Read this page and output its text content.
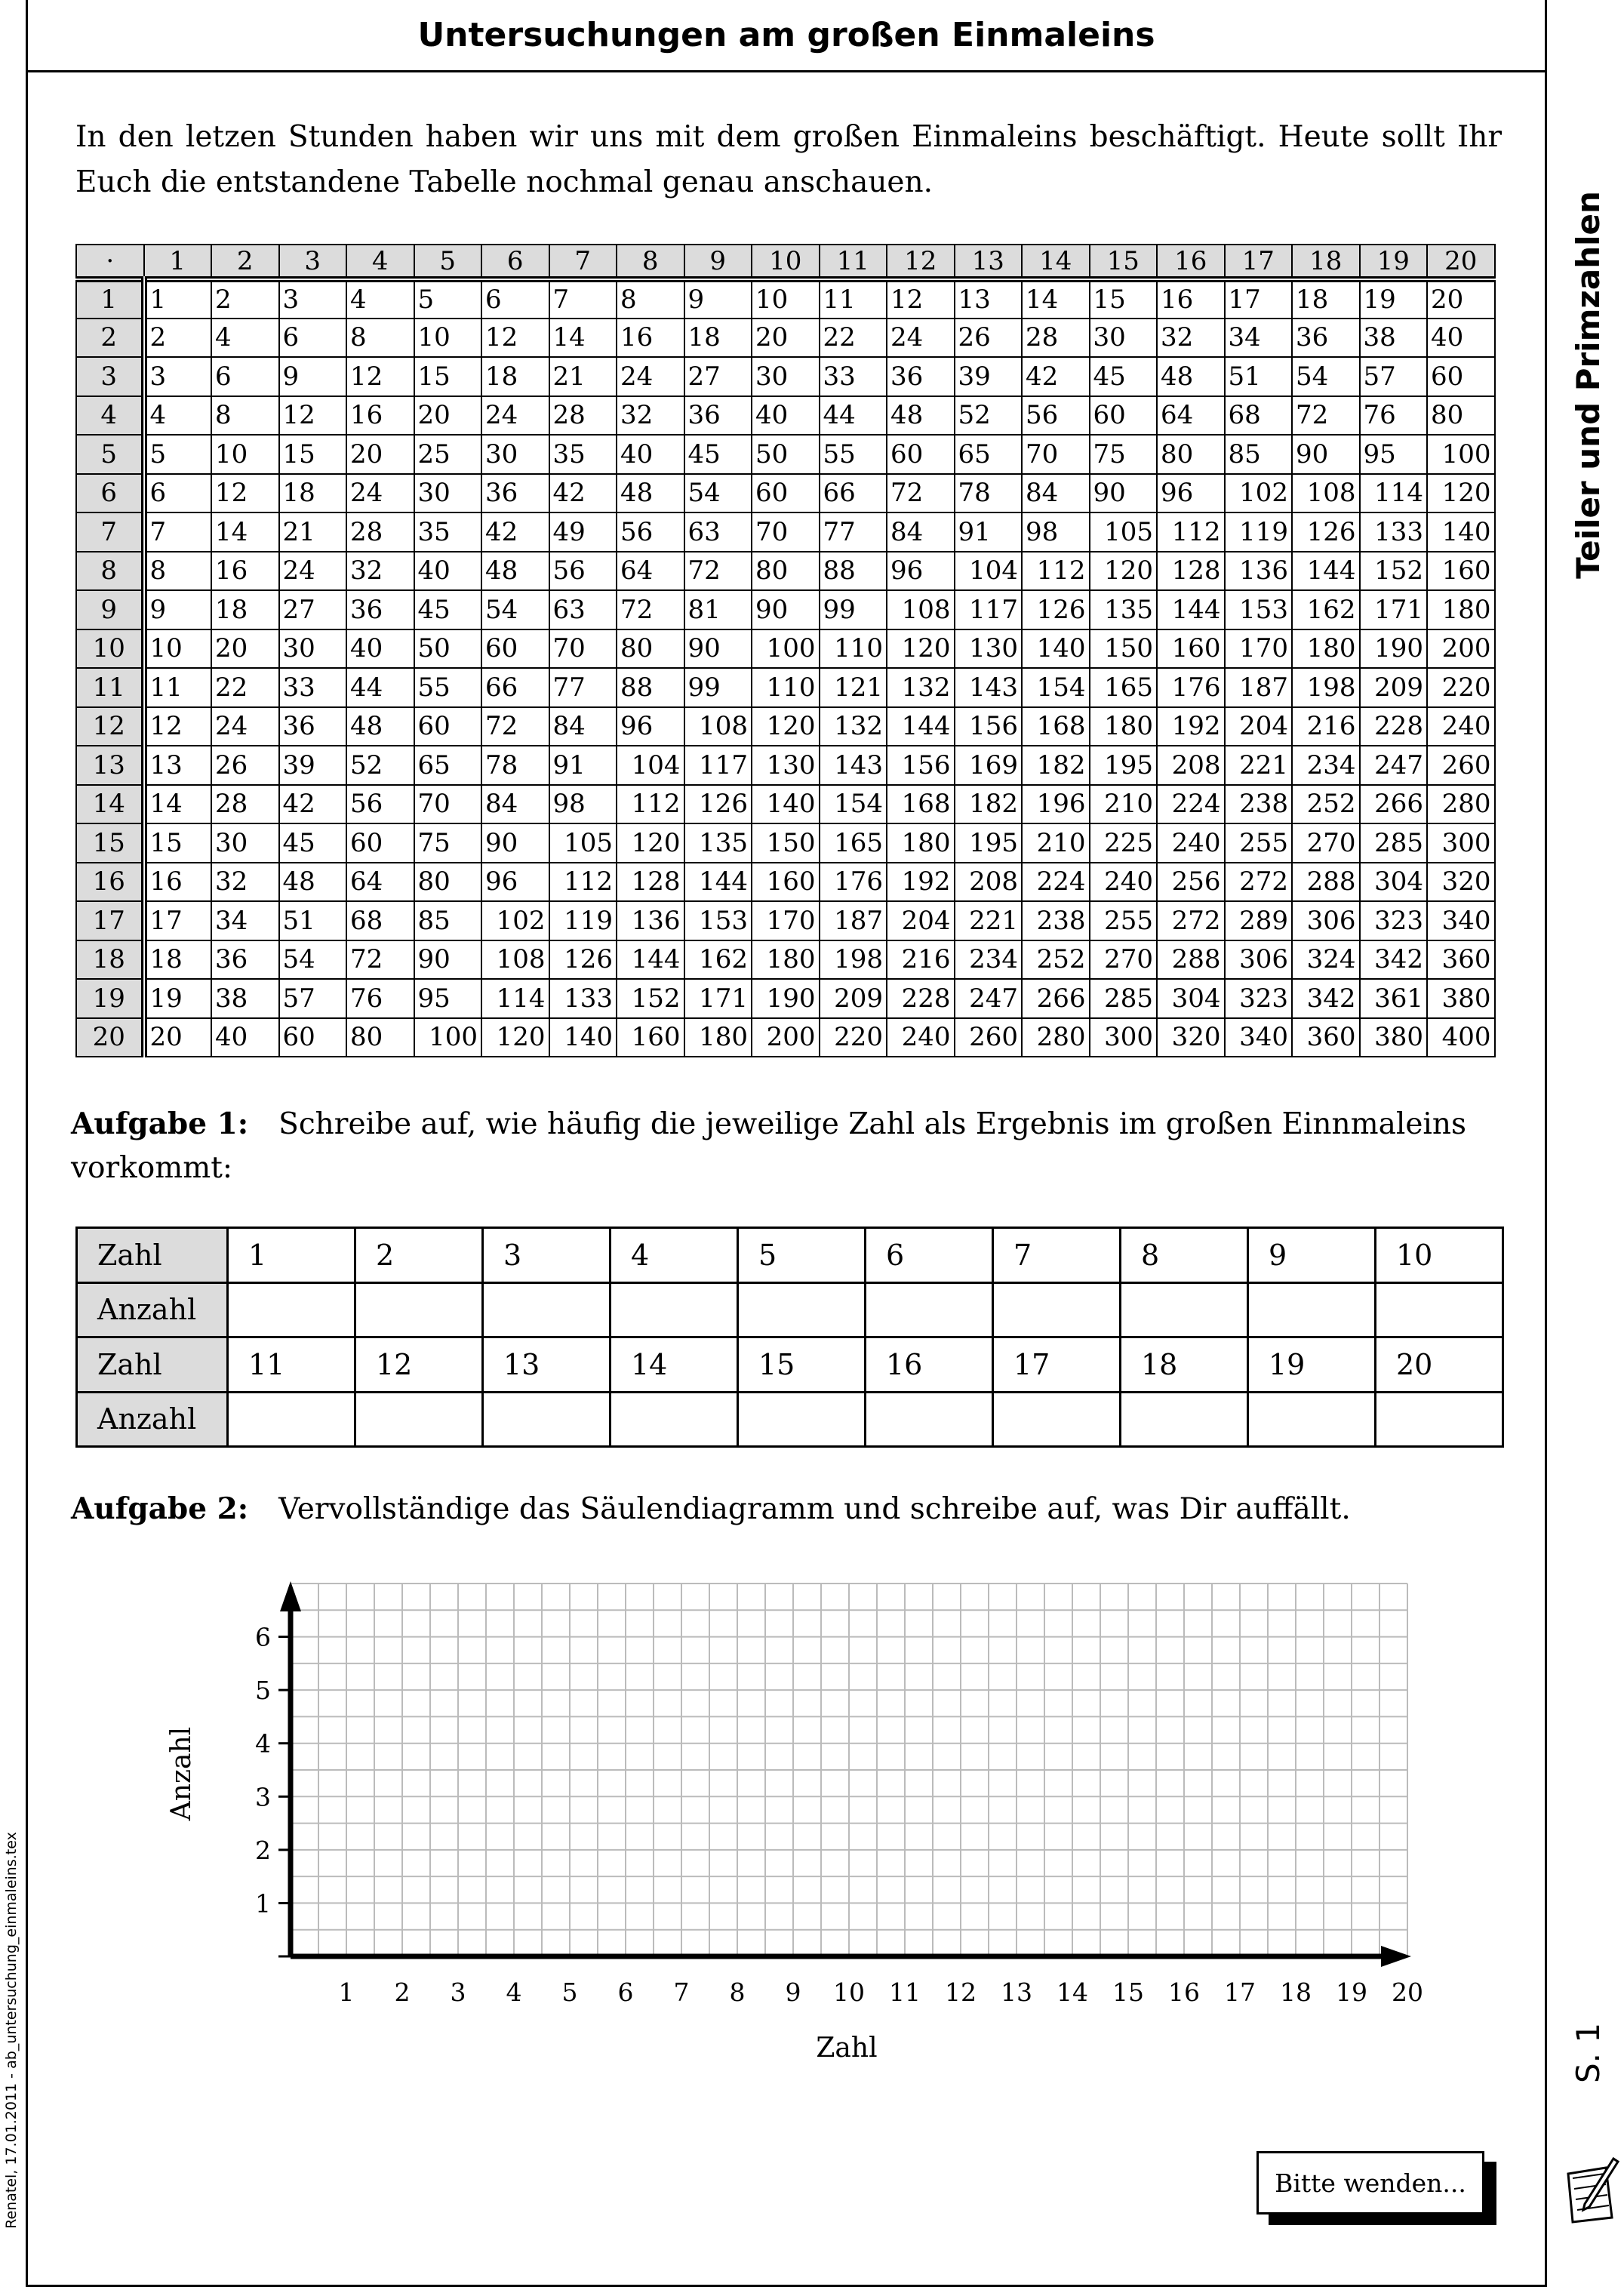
Untersuchungen am großen Einmaleins

In den letzen Stunden haben wir uns mit dem großen Einmaleins beschäftigt. Heute sollt Ihr Euch die entstandene Tabelle nochmal genau anschauen.

·	1	2	3	4	5	6	7	8	9	10	11	12	13	14	15	16	17	18	19	20
1	1	2	3	4	5	6	7	8	9	10	11	12	13	14	15	16	17	18	19	20
2	2	4	6	8	10	12	14	16	18	20	22	24	26	28	30	32	34	36	38	40
3	3	6	9	12	15	18	21	24	27	30	33	36	39	42	45	48	51	54	57	60
4	4	8	12	16	20	24	28	32	36	40	44	48	52	56	60	64	68	72	76	80
5	5	10	15	20	25	30	35	40	45	50	55	60	65	70	75	80	85	90	95	100
6	6	12	18	24	30	36	42	48	54	60	66	72	78	84	90	96	102	108	114	120
7	7	14	21	28	35	42	49	56	63	70	77	84	91	98	105	112	119	126	133	140
8	8	16	24	32	40	48	56	64	72	80	88	96	104	112	120	128	136	144	152	160
9	9	18	27	36	45	54	63	72	81	90	99	108	117	126	135	144	153	162	171	180
10	10	20	30	40	50	60	70	80	90	100	110	120	130	140	150	160	170	180	190	200
11	11	22	33	44	55	66	77	88	99	110	121	132	143	154	165	176	187	198	209	220
12	12	24	36	48	60	72	84	96	108	120	132	144	156	168	180	192	204	216	228	240
13	13	26	39	52	65	78	91	104	117	130	143	156	169	182	195	208	221	234	247	260
14	14	28	42	56	70	84	98	112	126	140	154	168	182	196	210	224	238	252	266	280
15	15	30	45	60	75	90	105	120	135	150	165	180	195	210	225	240	255	270	285	300
16	16	32	48	64	80	96	112	128	144	160	176	192	208	224	240	256	272	288	304	320
17	17	34	51	68	85	102	119	136	153	170	187	204	221	238	255	272	289	306	323	340
18	18	36	54	72	90	108	126	144	162	180	198	216	234	252	270	288	306	324	342	360
19	19	38	57	76	95	114	133	152	171	190	209	228	247	266	285	304	323	342	361	380
20	20	40	60	80	100	120	140	160	180	200	220	240	260	280	300	320	340	360	380	400
Aufgabe 1: Schreibe auf, wie häufig die jeweilige Zahl als Ergebnis im großen Einnmaleins vorkommt:
Zahl	1	2	3	4	5	6	7	8	9	10
Anzahl										
Zahl	11	12	13	14	15	16	17	18	19	20
Anzahl										
Aufgabe 2: Vervollständige das Säulendiagramm und schreibe auf, was Dir auffällt.
1 2 3 4 5 6 7 8 9 10 11 12 13 14 15 16 17 18 19 20
1
2
3
4
5
6
Zahl
Anzahl
Teiler und Primzahlen
S. 1
Renatel, 17.01.2011 - ab_untersuchung_einmaleins.tex	Bitte wenden...
